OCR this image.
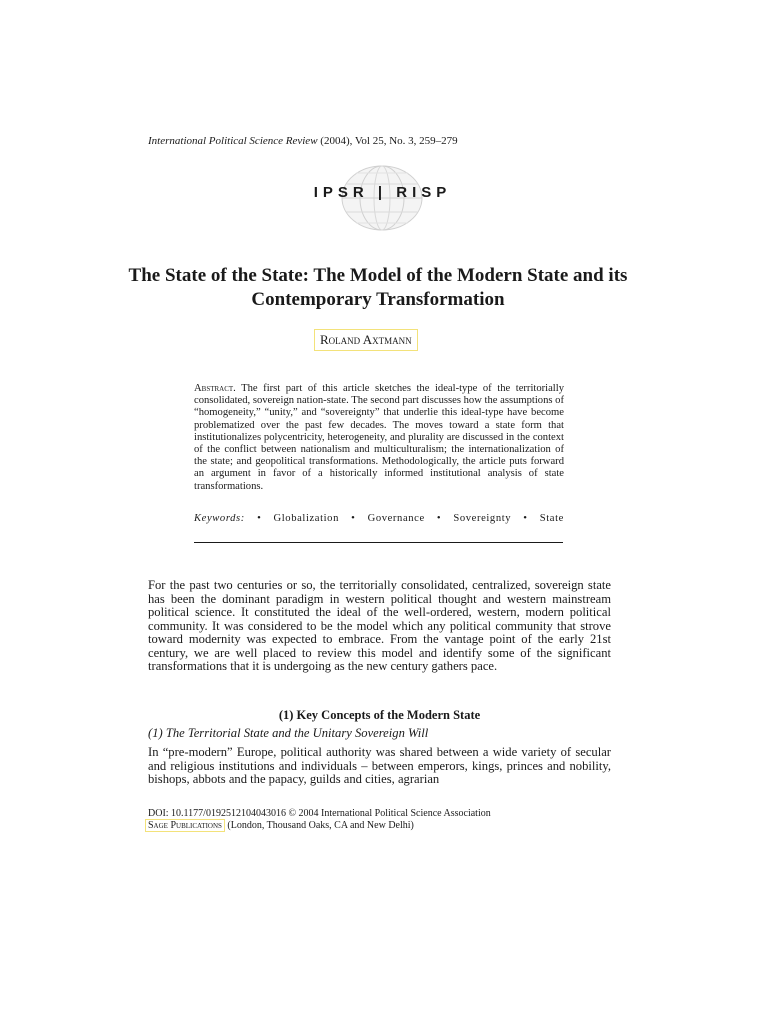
International Political Science Review (2004), Vol 25, No. 3, 259–279
IPSR | RISP
The State of the State: The Model of the Modern State and its Contemporary Transformation
Roland Axtmann
Abstract. The first part of this article sketches the ideal-type of the territorially consolidated, sovereign nation-state. The second part discusses how the assumptions of “homogeneity,” “unity,” and “sovereignty” that underlie this ideal-type have become problematized over the past few decades. The moves toward a state form that institutionalizes polycentricity, heterogeneity, and plurality are discussed in the context of the conflict between nationalism and multiculturalism; the internationalization of the state; and geopolitical transformations. Methodologically, the article puts forward an argument in favor of a historically informed institutional analysis of state transformations.
Keywords: • Globalization • Governance • Sovereignty • State
For the past two centuries or so, the territorially consolidated, centralized, sovereign state has been the dominant paradigm in western political thought and western mainstream political science. It constituted the ideal of the well-ordered, western, modern political community. It was considered to be the model which any political community that strove toward modernity was expected to embrace. From the vantage point of the early 21st century, we are well placed to review this model and identify some of the significant transformations that it is undergoing as the new century gathers pace.
(1) Key Concepts of the Modern State
(1) The Territorial State and the Unitary Sovereign Will
In “pre-modern” Europe, political authority was shared between a wide variety of secular and religious institutions and individuals – between emperors, kings, princes and nobility, bishops, abbots and the papacy, guilds and cities, agrarian
DOI: 10.1177/0192512104043016 © 2004 International Political Science Association
Sage Publications (London, Thousand Oaks, CA and New Delhi)
